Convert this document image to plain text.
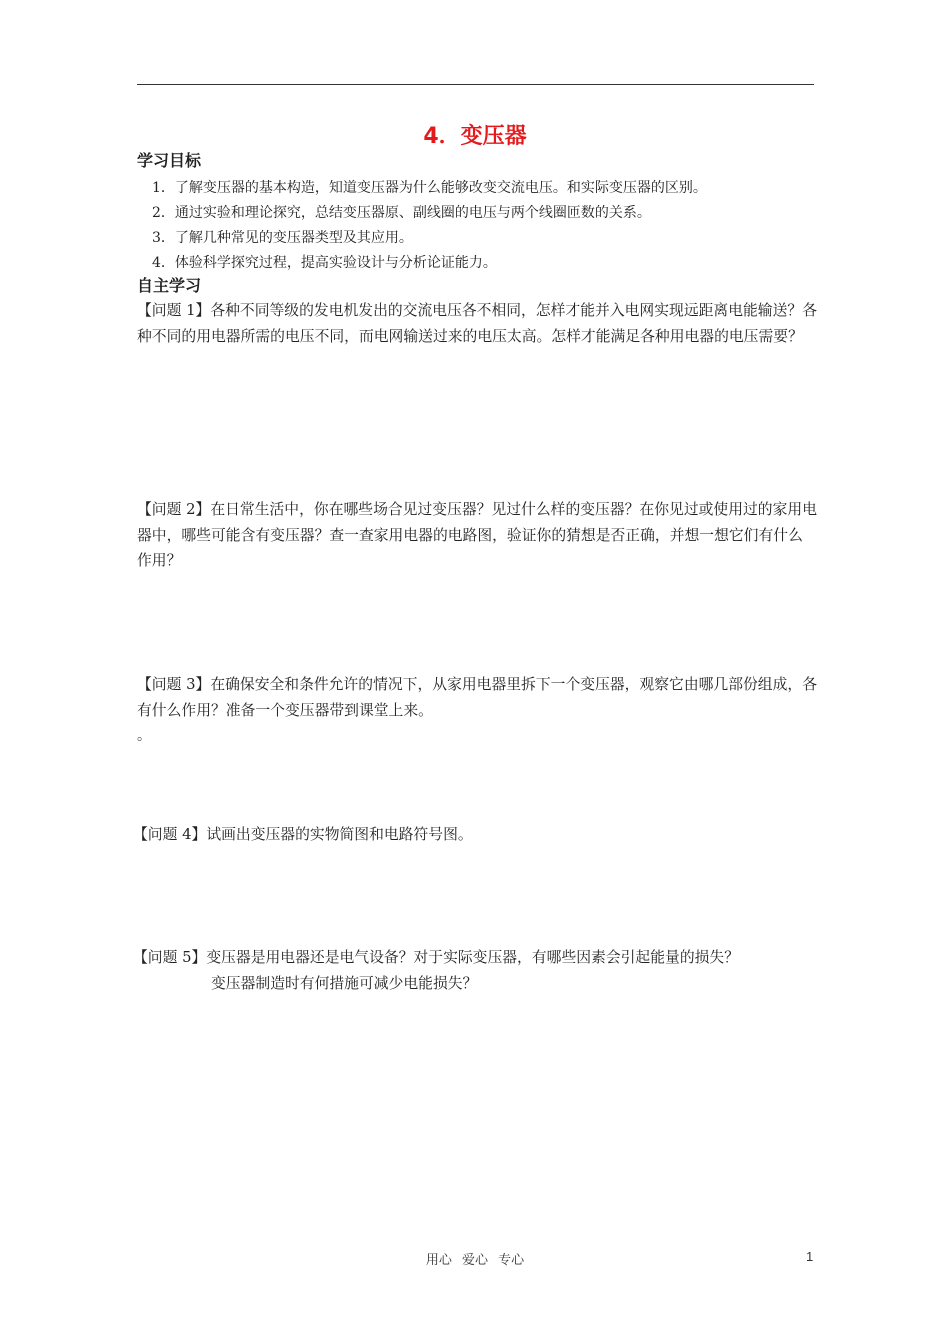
4．变压器
学习目标
1．了解变压器的基本构造，知道变压器为什么能够改变交流电压。和实际变压器的区别。
2．通过实验和理论探究，总结变压器原、副线圈的电压与两个线圈匝数的关系。
3．了解几种常见的变压器类型及其应用。
4．体验科学探究过程，提高实验设计与分析论证能力。
自主学习

【问题 1】各种不同等级的发电机发出的交流电压各不相同，怎样才能并入电网实现远距离电能输送？各种不同的用电器所需的电压不同，而电网输送过来的电压太高。怎样才能满足各种用电器的电压需要？

【问题 2】在日常生活中，你在哪些场合见过变压器？见过什么样的变压器？在你见过或使用过的家用电器中，哪些可能含有变压器？查一查家用电器的电路图，验证你的猜想是否正确，并想一想它们有什么作用？

【问题 3】在确保安全和条件允许的情况下，从家用电器里拆下一个变压器，观察它由哪几部份组成，各有什么作用？准备一个变压器带到课堂上来。

。

【问题 4】试画出变压器的实物简图和电路符号图。

【问题 5】变压器是用电器还是电气设备？对于实际变压器，有哪些因素会引起能量的损失？
变压器制造时有何措施可减少电能损失？

用心 爱心 专心	1
